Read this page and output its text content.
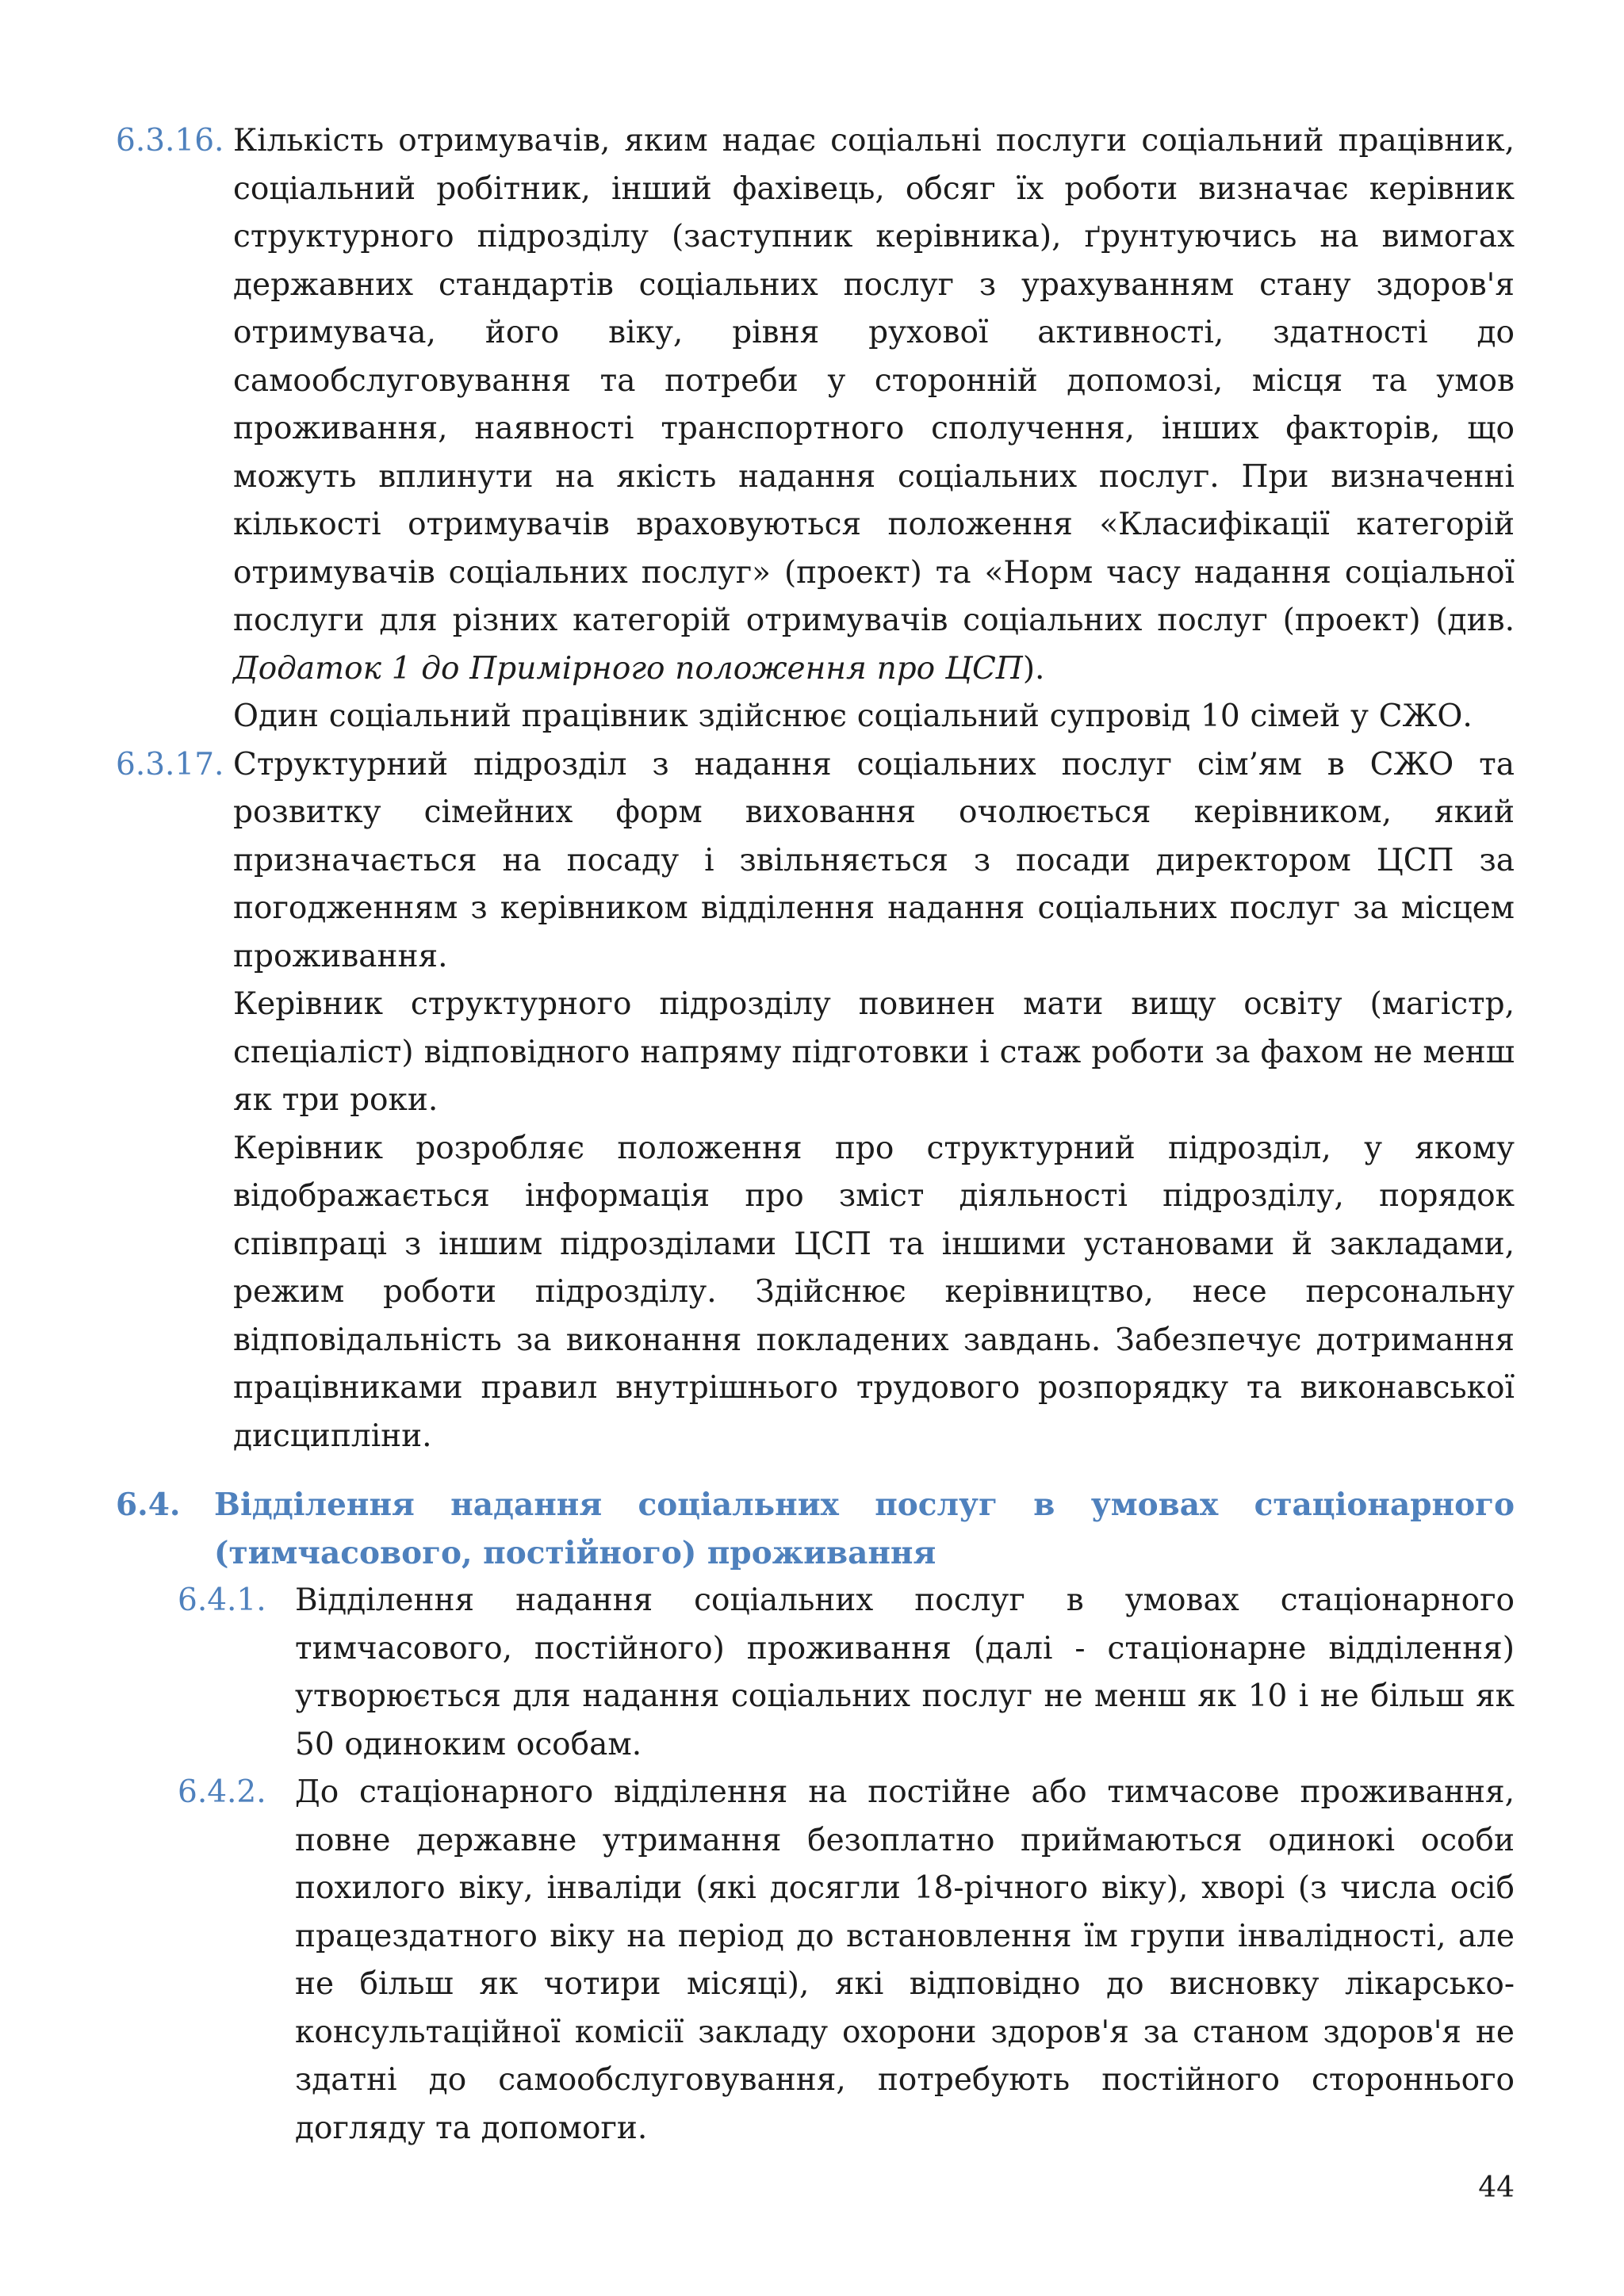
6.3.16. Кількість отримувачів, яким надає соціальні послуги соціальний працівник, соціальний робітник, інший фахівець, обсяг їх роботи визначає керівник структурного підрозділу (заступник керівника), ґрунтуючись на вимогах державних стандартів соціальних послуг з урахуванням стану здоров'я отримувача, його віку, рівня рухової активності, здатності до самообслуговування та потреби у сторонній допомозі, місця та умов проживання, наявності транспортного сполучення, інших факторів, що можуть вплинути на якість надання соціальних послуг. При визначенні кількості отримувачів враховуються положення «Класифікації категорій отримувачів соціальних послуг» (проект) та «Норм часу надання соціальної послуги для різних категорій отримувачів соціальних послуг (проект) (див. Додаток 1 до Примірного положення про ЦСП).

Один соціальний працівник здійснює соціальний супровід 10 сімей у СЖО.

6.3.17. Структурний підрозділ з надання соціальних послуг сім’ям в СЖО та розвитку сімейних форм виховання очолюється керівником, який призначається на посаду і звільняється з посади директором ЦСП за погодженням з керівником відділення надання соціальних послуг за місцем проживання.

Керівник структурного підрозділу повинен мати вищу освіту (магістр, спеціаліст) відповідного напряму підготовки і стаж роботи за фахом не менш як три роки.

Керівник розробляє положення про структурний підрозділ, у якому відображається інформація про зміст діяльності підрозділу, порядок співпраці з іншим підрозділами ЦСП та іншими установами й закладами, режим роботи підрозділу. Здійснює керівництво, несе персональну відповідальність за виконання покладених завдань. Забезпечує дотримання працівниками правил внутрішнього трудового розпорядку та виконавської дисципліни.

6.4.	Відділення надання соціальних послуг в умовах стаціонарного
(тимчасового, постійного) проживання
6.4.1. Відділення надання соціальних послуг в умовах стаціонарного тимчасового, постійного) проживання (далі - стаціонарне відділення) утворюється для надання соціальних послуг не менш як 10 і не більш як 50 одиноким особам.

6.4.2. До стаціонарного відділення на постійне або тимчасове проживання, повне державне утримання безоплатно приймаються одинокі особи похилого віку, інваліди (які досягли 18-річного віку), хворі (з числа осіб працездатного віку на період до встановлення їм групи інвалідності, але не більш як чотири місяці), які відповідно до висновку лікарсько-консультаційної комісії закладу охорони здоров'я за станом здоров'я не здатні до самообслуговування, потребують постійного стороннього догляду та допомоги.

44
